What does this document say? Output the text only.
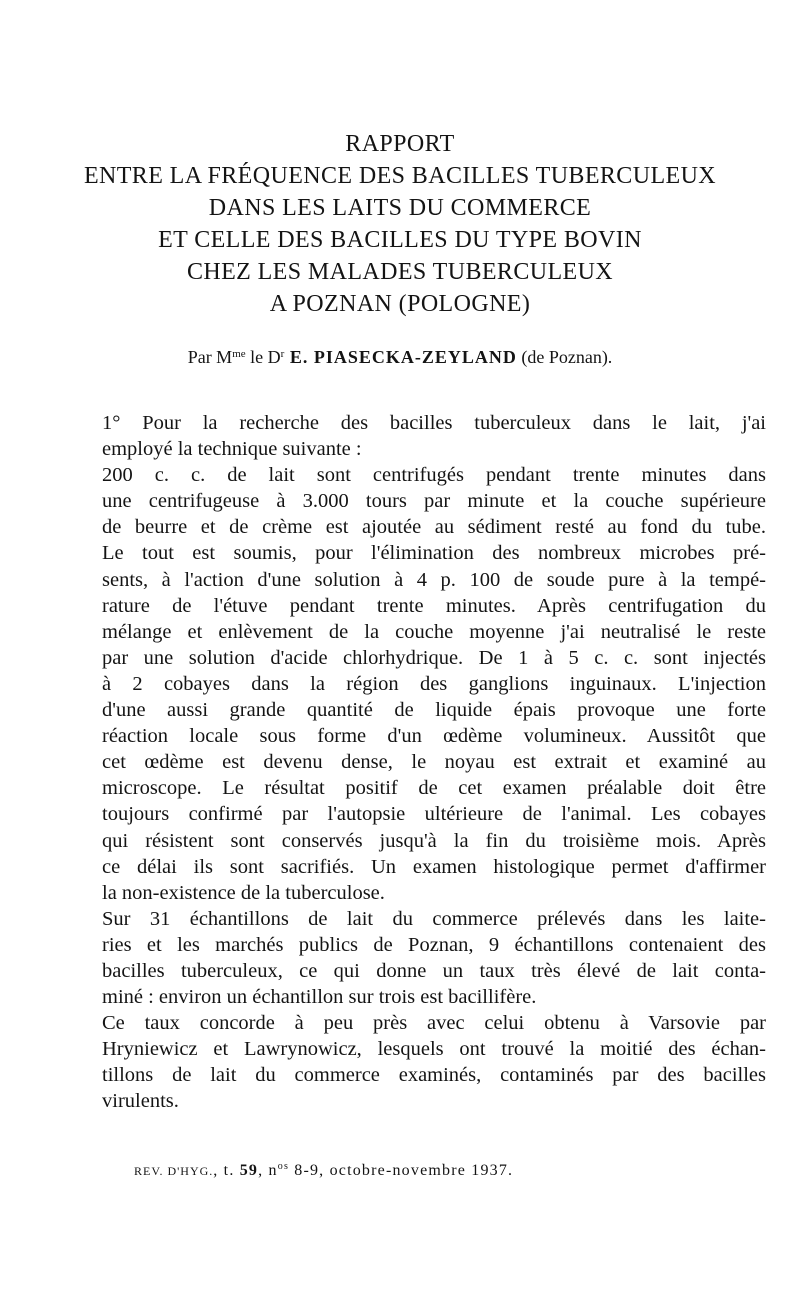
RAPPORT
ENTRE LA FRÉQUENCE DES BACILLES TUBERCULEUX
DANS LES LAITS DU COMMERCE
ET CELLE DES BACILLES DU TYPE BOVIN
CHEZ LES MALADES TUBERCULEUX
A POZNAN (POLOGNE)
Par $M^{me}$ le $D^r$ E. PIASECKA-ZEYLAND (de Poznan).

1° Pour la recherche des bacilles tuberculeux dans le lait, j'ai
employé la technique suivante :

200 c. c. de lait sont centrifugés pendant trente minutes dans
une centrifugeuse à 3.000 tours par minute et la couche supérieure
de beurre et de crème est ajoutée au sédiment resté au fond du tube.
Le tout est soumis, pour l'élimination des nombreux microbes pré-
sents, à l'action d'une solution à 4 p. 100 de soude pure à la tempé-
rature de l'étuve pendant trente minutes. Après centrifugation du
mélange et enlèvement de la couche moyenne j'ai neutralisé le reste
par une solution d'acide chlorhydrique. De 1 à 5 c. c. sont injectés
à 2 cobayes dans la région des ganglions inguinaux. L'injection
d'une aussi grande quantité de liquide épais provoque une forte
réaction locale sous forme d'un œdème volumineux. Aussitôt que
cet œdème est devenu dense, le noyau est extrait et examiné au
microscope. Le résultat positif de cet examen préalable doit être
toujours confirmé par l'autopsie ultérieure de l'animal. Les cobayes
qui résistent sont conservés jusqu'à la fin du troisième mois. Après
ce délai ils sont sacrifiés. Un examen histologique permet d'affirmer
la non-existence de la tuberculose.

Sur 31 échantillons de lait du commerce prélevés dans les laite-
ries et les marchés publics de Poznan, 9 échantillons contenaient des
bacilles tuberculeux, ce qui donne un taux très élevé de lait conta-
miné : environ un échantillon sur trois est bacillifère.

Ce taux concorde à peu près avec celui obtenu à Varsovie par
Hryniewicz et Lawrynowicz, lesquels ont trouvé la moitié des échan-
tillons de lait du commerce examinés, contaminés par des bacilles
virulents.

REV. D'HYG., t. 59, $n^{os}$ 8-9, octobre-novembre 1937.
